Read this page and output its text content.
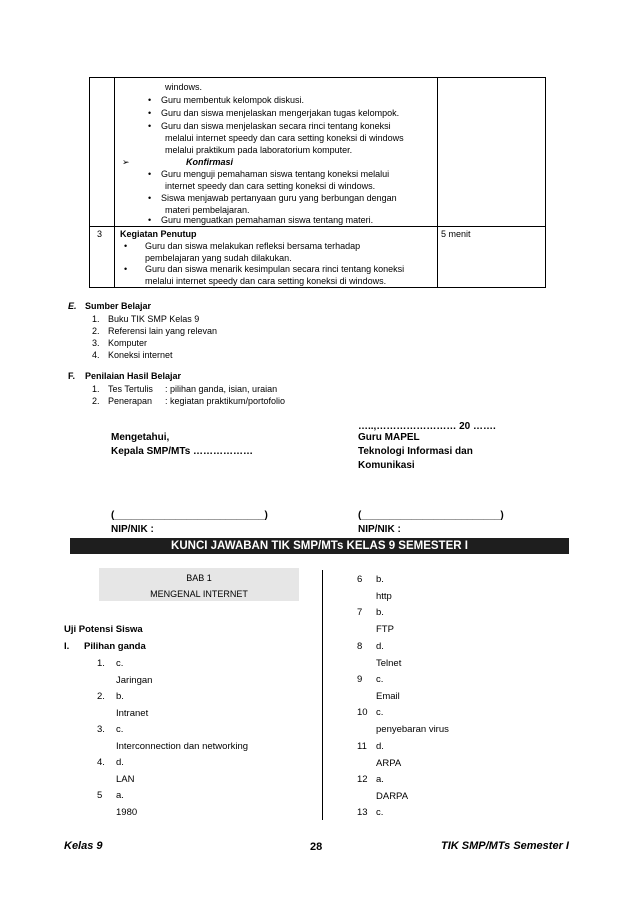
windows.
• Guru membentuk kelompok diskusi.
• Guru dan siswa menjelaskan mengerjakan tugas kelompok.
• Guru dan siswa menjelaskan secara rinci tentang koneksi
melalui internet speedy dan cara setting koneksi di windows
melalui praktikum pada laboratorium komputer.
➢	Konfirmasi
• Guru menguji pemahaman siswa tentang koneksi melalui
internet speedy dan cara setting koneksi di windows.
• Siswa menjawab pertanyaan guru yang berbungan dengan
materi pembelajaran.
• Guru menguatkan pemahaman siswa tentang materi.
3 Kegiatan Penutup	5 menit
• Guru dan siswa melakukan refleksi bersama terhadap
pembelajaran yang sudah dilakukan.
• Guru dan siswa menarik kesimpulan secara rinci tentang koneksi
melalui internet speedy dan cara setting koneksi di windows.
E. Sumber Belajar
1. Buku TIK SMP Kelas 9
2. Referensi lain yang relevan
3. Komputer
4. Koneksi internet
F. Penilaian Hasil Belajar
1. Tes Tertulis : pilihan ganda, isian, uraian
2. Penerapan : kegiatan praktikum/portofolio
…..,…………………… 20 …….
Mengetahui,
Kepala SMP/MTs ………………
Guru MAPEL
Teknologi Informasi dan
Komunikasi
(___________________________)
NIP/NIK :
(_________________________)
NIP/NIK :
KUNCI JAWABAN TIK SMP/MTs KELAS 9 SEMESTER I
BAB 1
MENGENAL INTERNET
Uji Potensi Siswa
I. Pilihan ganda
1. c.
Jaringan
2. b.
Intranet
3. c.
Interconnection dan networking
4. d.
LAN
5 a.
1980
6 b.
http
7 b.
FTP
8 d.
Telnet
9 c.
Email
10 c.
penyebaran virus
11 d.
ARPA
12 a.
DARPA
13 c.
Kelas 9	28	TIK SMP/MTs Semester I
